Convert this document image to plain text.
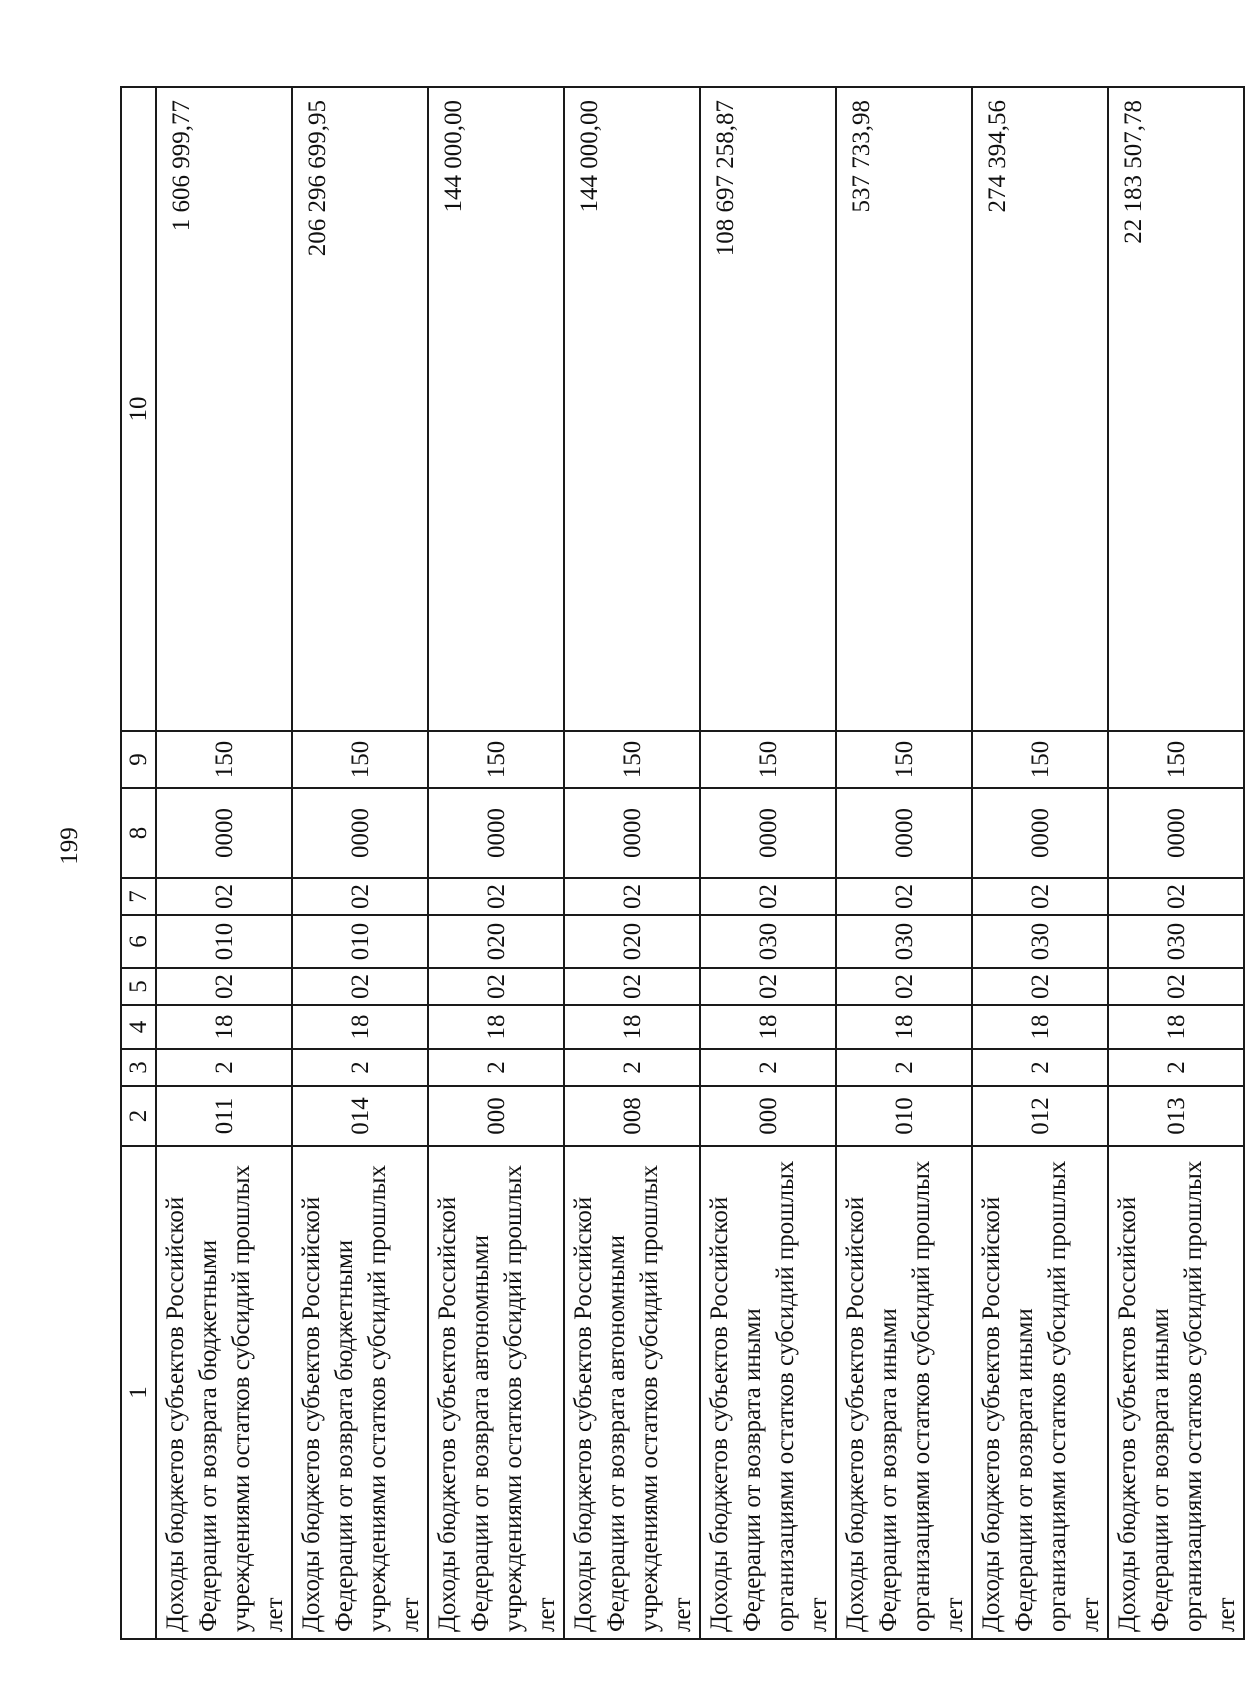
199
1	2	3	4	5	6	7	8	9	10
Доходы бюджетов субъектов Российской Федерации от возврата бюджетными учреждениями остатков субсидий прошлых лет	011	2	18	02	010	02	0000	150	1 606 999,77
Доходы бюджетов субъектов Российской Федерации от возврата бюджетными учреждениями остатков субсидий прошлых лет	014	2	18	02	010	02	0000	150	206 296 699,95
Доходы бюджетов субъектов Российской Федерации от возврата автономными учреждениями остатков субсидий прошлых лет	000	2	18	02	020	02	0000	150	144 000,00
Доходы бюджетов субъектов Российской Федерации от возврата автономными учреждениями остатков субсидий прошлых лет	008	2	18	02	020	02	0000	150	144 000,00
Доходы бюджетов субъектов Российской Федерации от возврата иными организациями остатков субсидий прошлых лет	000	2	18	02	030	02	0000	150	108 697 258,87
Доходы бюджетов субъектов Российской Федерации от возврата иными организациями остатков субсидий прошлых лет	010	2	18	02	030	02	0000	150	537 733,98
Доходы бюджетов субъектов Российской Федерации от возврата иными организациями остатков субсидий прошлых лет	012	2	18	02	030	02	0000	150	274 394,56
Доходы бюджетов субъектов Российской Федерации от возврата иными организациями остатков субсидий прошлых лет	013	2	18	02	030	02	0000	150	22 183 507,78
